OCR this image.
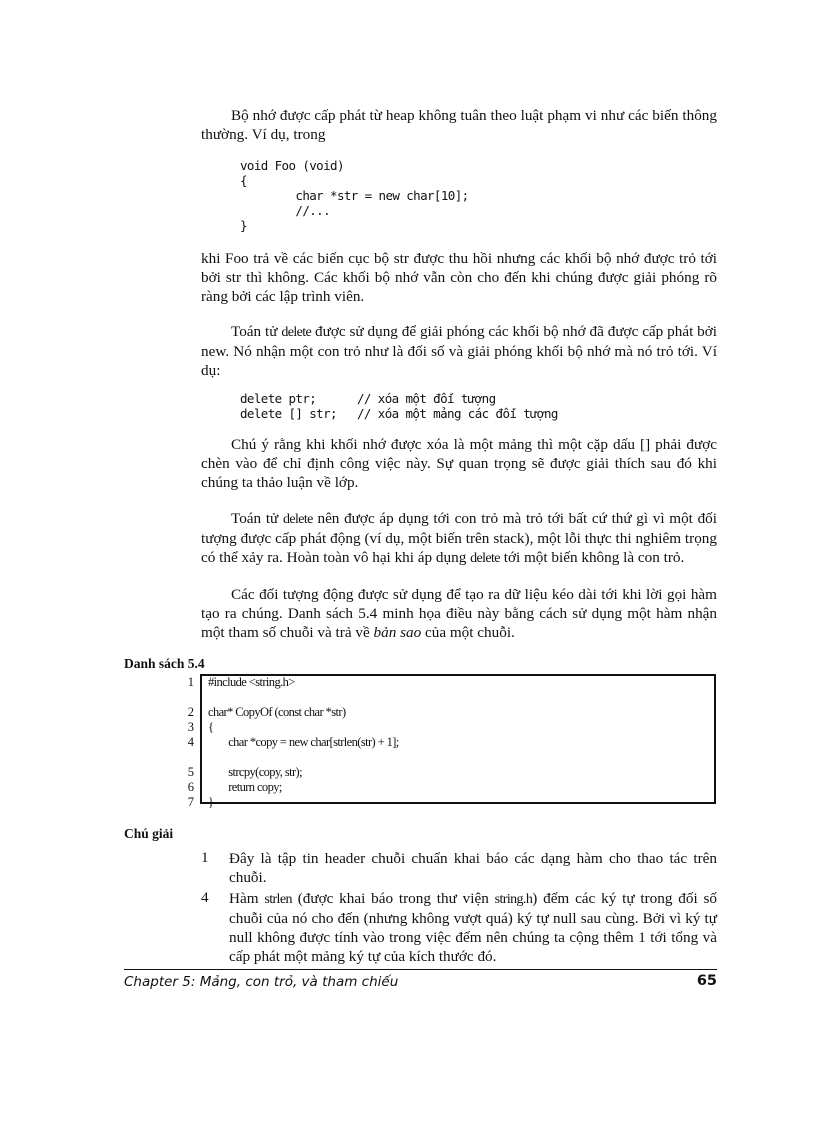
Bộ nhớ được cấp phát từ heap không tuân theo luật phạm vi như các biến thông thường. Ví dụ, trong

void Foo (void)
{
char *str = new char[10];
//...
}

khi Foo trả về các biến cục bộ str được thu hồi nhưng các khối bộ nhớ được trỏ tới bởi str thì không. Các khối bộ nhớ vẫn còn cho đến khi chúng được giải phóng rõ ràng bởi các lập trình viên.

Toán tử delete được sử dụng để giải phóng các khối bộ nhớ đã được cấp phát bởi new. Nó nhận một con trỏ như là đối số và giải phóng khối bộ nhớ mà nó trỏ tới. Ví dụ:

delete ptr;
delete [] str;
// xóa một đối tượng
// xóa một mảng các đối tượng

Chú ý rằng khi khối nhớ được xóa là một mảng thì một cặp dấu [] phải được chèn vào để chỉ định công việc này. Sự quan trọng sẽ được giải thích sau đó khi chúng ta thảo luận về lớp.

Toán tử delete nên được áp dụng tới con trỏ mà trỏ tới bất cứ thứ gì vì một đối tượng được cấp phát động (ví dụ, một biến trên stack), một lỗi thực thi nghiêm trọng có thể xảy ra. Hoàn toàn vô hại khi áp dụng delete tới một biến không là con trỏ.

Các đối tượng động được sử dụng để tạo ra dữ liệu kéo dài tới khi lời gọi hàm tạo ra chúng. Danh sách 5.4 minh họa điều này bằng cách sử dụng một hàm nhận một tham số chuỗi và trả về bản sao của một chuỗi.

Danh sách 5.4
1

2
3
4

5
6
7
#include <string.h>

char* CopyOf (const char *str)
{
char *copy = new char[strlen(str) + 1];

strcpy(copy, str);
return copy;
}
Chú giải
1 Đây là tập tin header chuỗi chuẩn khai báo các dạng hàm cho thao tác trên chuỗi.

4 Hàm strlen (được khai báo trong thư viện string.h) đếm các ký tự trong đối số chuỗi của nó cho đến (nhưng không vượt quá) ký tự null sau cùng. Bởi vì ký tự null không được tính vào trong việc đếm nên chúng ta cộng thêm 1 tới tổng và cấp phát một mảng ký tự của kích thước đó.

Chapter 5: Mảng, con trỏ, và tham chiếu	65
